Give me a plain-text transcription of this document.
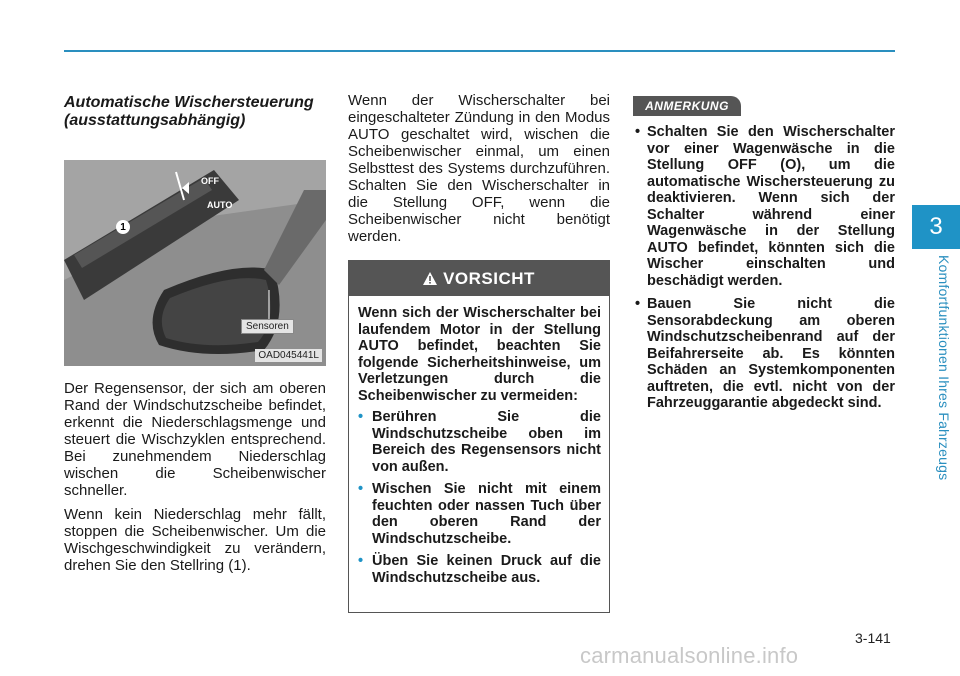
3
Komfortfunktionen Ihres Fahrzeugs
Automatische Wischersteuerung (ausstattungsabhängig)
OFF
AUTO
1
Sensoren
OAD045441L

Der Regensensor, der sich am oberen Rand der Windschutzscheibe befindet, erkennt die Niederschlagsmenge und steuert die Wischzyklen entsprechend. Bei zunehmendem Niederschlag wischen die Scheibenwischer schneller.

Wenn kein Niederschlag mehr fällt, stoppen die Scheibenwischer. Um die Wischgeschwindigkeit zu verändern, drehen Sie den Stellring (1).

Wenn der Wischerschalter bei eingeschalteter Zündung in den Modus AUTO geschaltet wird, wischen die Scheibenwischer einmal, um einen Selbsttest des Systems durchzuführen. Schalten Sie den Wischerschalter in die Stellung OFF, wenn die Scheibenwischer nicht benötigt werden.
VORSICHT

Wenn sich der Wischerschalter bei laufendem Motor in der Stellung AUTO befindet, beachten Sie folgende Sicherheitshinweise, um Verletzungen durch die Scheibenwischer zu vermeiden:

• Berühren Sie die Windschutzscheibe oben im Bereich des Regensensors nicht von außen.
• Wischen Sie nicht mit einem feuchten oder nassen Tuch über den oberen Rand der Windschutzscheibe.
• Üben Sie keinen Druck auf die Windschutzscheibe aus.
ANMERKUNG
• Schalten Sie den Wischerschalter vor einer Wagenwäsche in die Stellung OFF (O), um die automatische Wischersteuerung zu deaktivieren. Wenn sich der Schalter während einer Wagenwäsche in der Stellung AUTO befindet, könnten sich die Wischer einschalten und beschädigt werden.
• Bauen Sie nicht die Sensorabdeckung am oberen Windschutzscheibenrand auf der Beifahrerseite ab. Es könnten Schäden an Systemkomponenten auftreten, die evtl. nicht von der Fahrzeuggarantie abgedeckt sind.
3-141
carmanualsonline.info
